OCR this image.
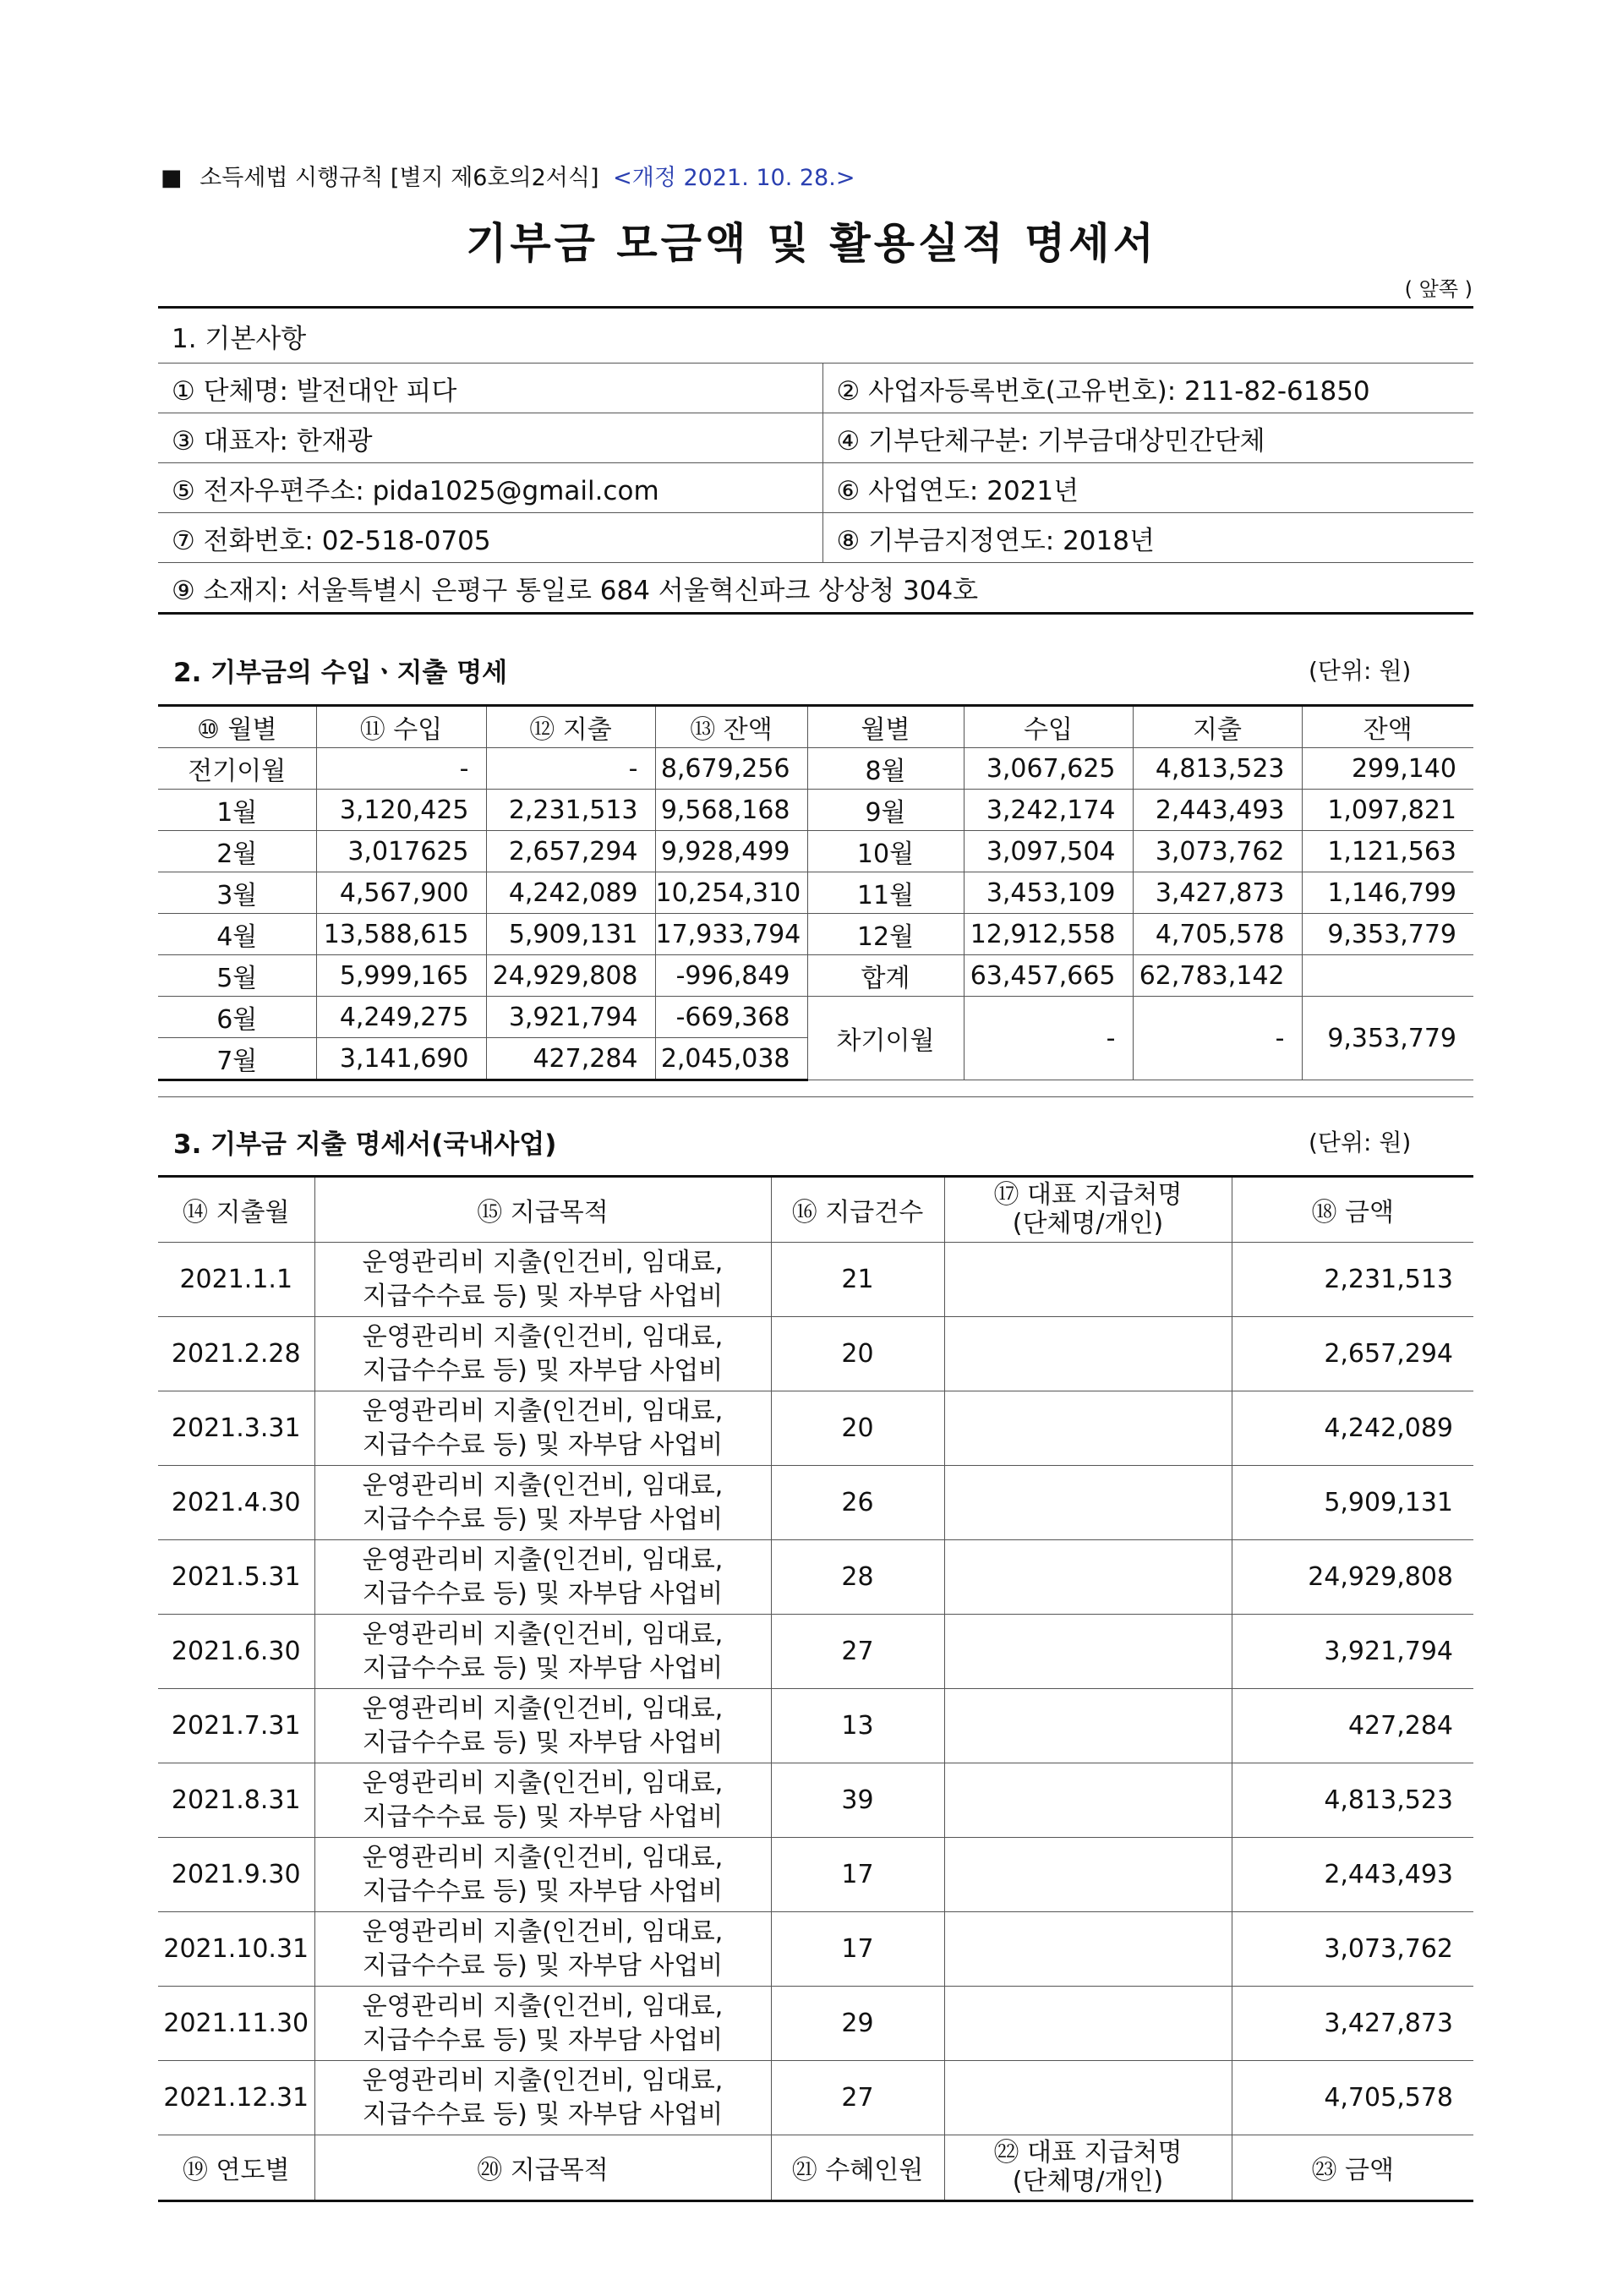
■ 소득세법 시행규칙 [별지 제6호의2서식] <개정 2021. 10. 28.>
기부금 모금액 및 활용실적 명세서
( 앞쪽 )
1. 기본사항	
① 단체명: 발전대안 피다	② 사업자등록번호(고유번호): 211-82-61850
③ 대표자: 한재광	④ 기부단체구분: 기부금대상민간단체
⑤ 전자우편주소: pida1025@gmail.com	⑥ 사업연도: 2021년
⑦ 전화번호: 02-518-0705	⑧ 기부금지정연도: 2018년
⑨ 소재지: 서울특별시 은평구 통일로 684 서울혁신파크 상상청 304호	
2. 기부금의 수입ㆍ지출 명세	(단위: 원)
⑩ 월별	⑪ 수입	⑫ 지출	⑬ 잔액	월별	수입	지출	잔액
전기이월	-	-	8,679,256	8월	3,067,625	4,813,523	299,140
1월	3,120,425	2,231,513	9,568,168	9월	3,242,174	2,443,493	1,097,821
2월	3,017625	2,657,294	9,928,499	10월	3,097,504	3,073,762	1,121,563
3월	4,567,900	4,242,089	10,254,310	11월	3,453,109	3,427,873	1,146,799
4월	13,588,615	5,909,131	17,933,794	12월	12,912,558	4,705,578	9,353,779
5월	5,999,165	24,929,808	-996,849	합계	63,457,665	62,783,142	
6월	4,249,275	3,921,794	-669,368	차기이월	-	-	9,353,779
7월	3,141,690	427,284	2,045,038				
3. 기부금 지출 명세서(국내사업)	(단위: 원)
⑭ 지출월	⑮ 지급목적	⑯ 지급건수	⑰ 대표 지급처명
(단체명/개인)	⑱ 금액
2021.1.1	운영관리비 지출(인건비, 임대료,
지급수수료 등) 및 자부담 사업비	21		2,231,513
2021.2.28	운영관리비 지출(인건비, 임대료,
지급수수료 등) 및 자부담 사업비	20		2,657,294
2021.3.31	운영관리비 지출(인건비, 임대료,
지급수수료 등) 및 자부담 사업비	20		4,242,089
2021.4.30	운영관리비 지출(인건비, 임대료,
지급수수료 등) 및 자부담 사업비	26		5,909,131
2021.5.31	운영관리비 지출(인건비, 임대료,
지급수수료 등) 및 자부담 사업비	28		24,929,808
2021.6.30	운영관리비 지출(인건비, 임대료,
지급수수료 등) 및 자부담 사업비	27		3,921,794
2021.7.31	운영관리비 지출(인건비, 임대료,
지급수수료 등) 및 자부담 사업비	13		427,284
2021.8.31	운영관리비 지출(인건비, 임대료,
지급수수료 등) 및 자부담 사업비	39		4,813,523
2021.9.30	운영관리비 지출(인건비, 임대료,
지급수수료 등) 및 자부담 사업비	17		2,443,493
2021.10.31	운영관리비 지출(인건비, 임대료,
지급수수료 등) 및 자부담 사업비	17		3,073,762
2021.11.30	운영관리비 지출(인건비, 임대료,
지급수수료 등) 및 자부담 사업비	29		3,427,873
2021.12.31	운영관리비 지출(인건비, 임대료,
지급수수료 등) 및 자부담 사업비	27		4,705,578
⑲ 연도별	⑳ 지급목적	㉑ 수혜인원	㉒ 대표 지급처명
(단체명/개인)	㉓ 금액
